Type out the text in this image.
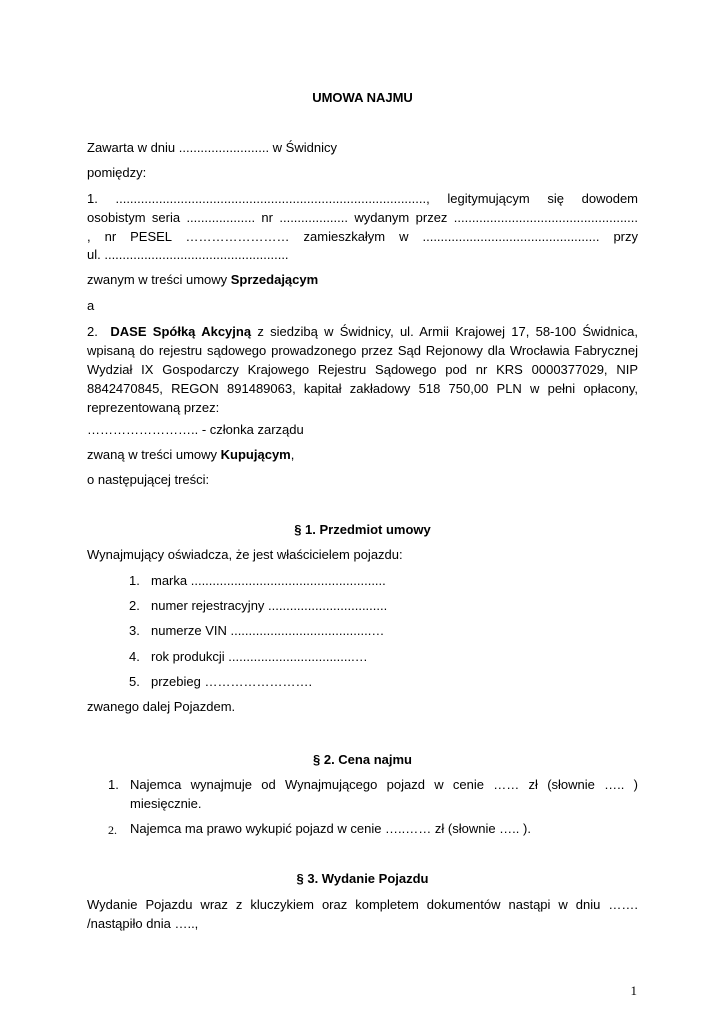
UMOWA NAJMU
Zawarta w dniu ......................... w Świdnicy
pomiędzy:
1. ......................................................................................, legitymującym się dowodem
osobistym seria ................... nr ................... wydanym przez ...................................................
, nr PESEL …………………… zamieszkałym w ................................................. przy
ul. ...................................................
zwanym w treści umowy Sprzedającym
a
2. DASE Spółką Akcyjną z siedzibą w Świdnicy, ul. Armii Krajowej 17, 58-100 Świdnica, wpisaną do rejestru sądowego prowadzonego przez Sąd Rejonowy dla Wrocławia Fabrycznej Wydział IX Gospodarczy Krajowego Rejestru Sądowego pod nr KRS 0000377029, NIP 8842470845, REGON 891489063, kapitał zakładowy 518 750,00 PLN w pełni opłacony, reprezentowaną przez:
…………………….. - członka zarządu
zwaną w treści umowy Kupującym,
o następującej treści:
§ 1. Przedmiot umowy
Wynajmujący oświadcza, że jest właścicielem pojazdu:
1. marka ......................................................
2. numer rejestracyjny .................................
3. numerze VIN .......................................…
4. rok produkcji ...................................…
5. przebieg …………………….
zwanego dalej Pojazdem.
§ 2. Cena najmu
1. Najemca wynajmuje od Wynajmującego pojazd w cenie …… zł (słownie ….. )
miesięcznie.
2. Najemca ma prawo wykupić pojazd w cenie …..…… zł (słownie ….. ).
§ 3. Wydanie Pojazdu
Wydanie Pojazdu wraz z kluczykiem oraz kompletem dokumentów nastąpi w dniu …….
/nastąpiło dnia …..,
1
